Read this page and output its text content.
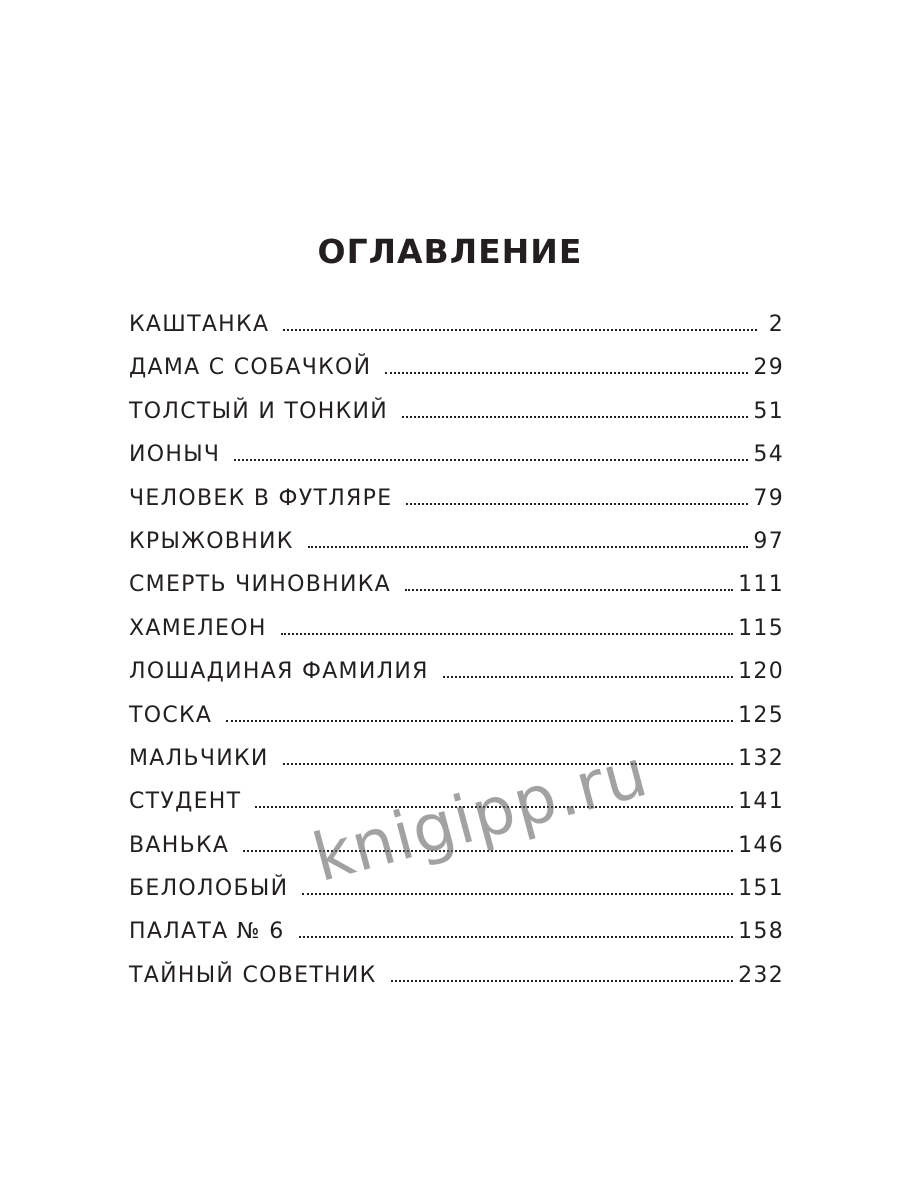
ОГЛАВЛЕНИЕ
КАШТАНКА	2
ДАМА С СОБАЧКОЙ	29
ТОЛСТЫЙ И ТОНКИЙ	51
ИОНЫЧ	54
ЧЕЛОВЕК В ФУТЛЯРЕ	79
КРЫЖОВНИК	97
СМЕРТЬ ЧИНОВНИКА	111
ХАМЕЛЕОН	115
ЛОШАДИНАЯ ФАМИЛИЯ	120
ТОСКА	125
МАЛЬЧИКИ	132
СТУДЕНТ	141
ВАНЬКА	146
БЕЛОЛОБЫЙ	151
ПАЛАТА № 6	158
ТАЙНЫЙ СОВЕТНИК	232
knigipp.ru
